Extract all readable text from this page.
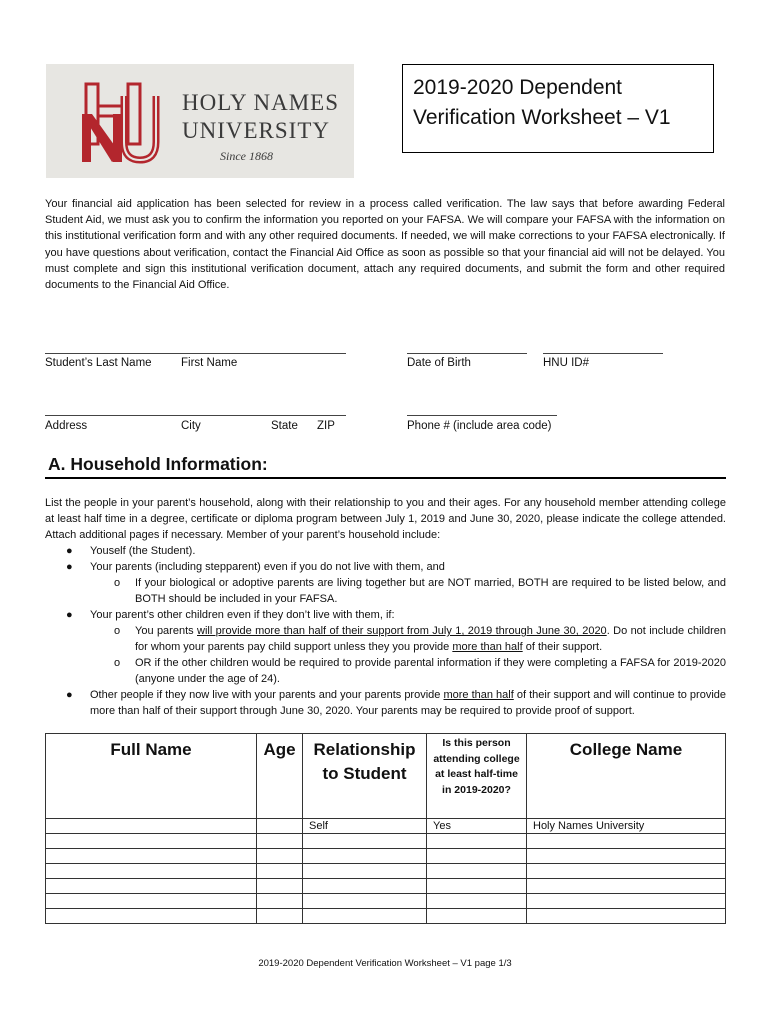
HOLY NAMES
UNIVERSITY
Since 1868
2019-2020 Dependent
Verification Worksheet – V1
Your financial aid application has been selected for review in a process called verification. The law says that before awarding Federal Student Aid, we must ask you to confirm the information you reported on your FAFSA. We will compare your FAFSA with the information on this institutional verification form and with any other required documents. If needed, we will make corrections to your FAFSA electronically. If you have questions about verification, contact the Financial Aid Office as soon as possible so that your financial aid will not be delayed. You must complete and sign this institutional verification document, attach any required documents, and submit the form and other required documents to the Financial Aid Office.
Student’s Last Name	First Name	Date of Birth	HNU ID#
Address	City	State ZIP	Phone # (include area code)
A. Household Information:

List the people in your parent’s household, along with their relationship to you and their ages. For any household member attending college at least half time in a degree, certificate or diploma program between July 1, 2019 and June 30, 2020, please indicate the college attended. Attach additional pages if necessary. Member of your parent’s household include:

● Youself (the Student).
● Your parents (including stepparent) even if you do not live with them, and
o If your biological or adoptive parents are living together but are NOT married, BOTH are required to be listed below, and BOTH should be included in your FAFSA.
● Your parent’s other children even if they don’t live with them, if:
o You parents will provide more than half of their support from July 1, 2019 through June 30, 2020. Do not include children for whom your parents pay child support unless they you provide more than half of their support.
o OR if the other children would be required to provide parental information if they were completing a FAFSA for 2019-2020 (anyone under the age of 24).
● Other people if they now live with your parents and your parents provide more than half of their support and will continue to provide more than half of their support through June 30, 2020. Your parents may be required to provide proof of support.
Full Name	Age	Relationship to Student	Is this person attending college at least half-time in 2019-2020?	College Name
		Self	Yes	Holy Names University

2019-2020 Dependent Verification Worksheet – V1 page 1/3
